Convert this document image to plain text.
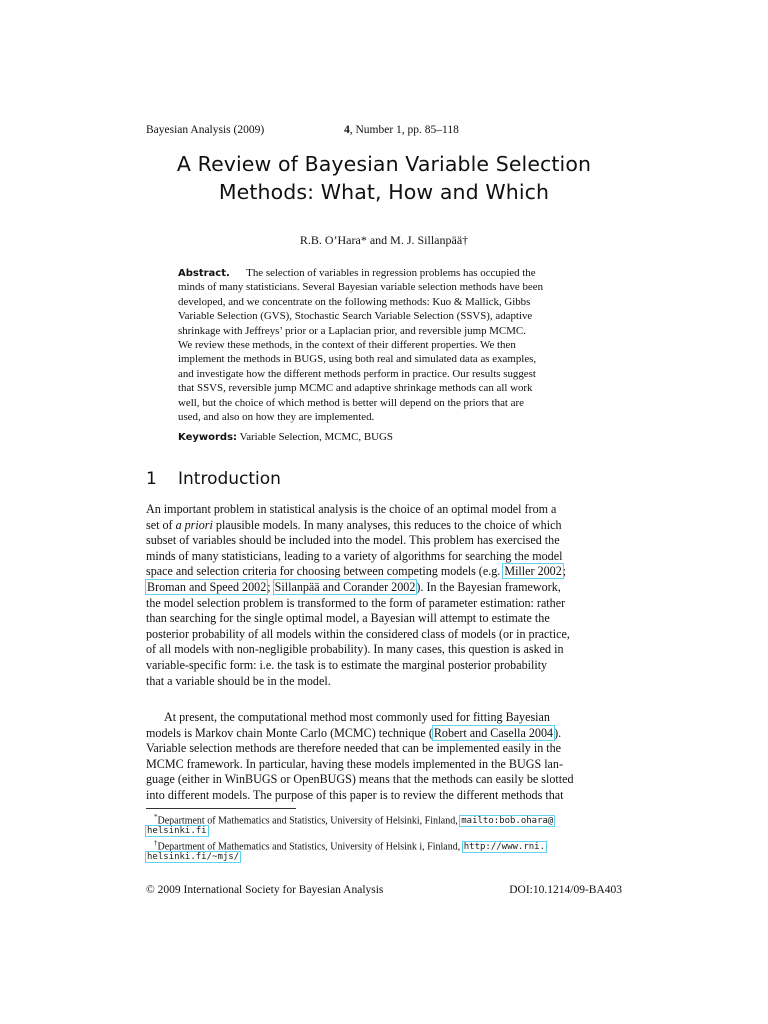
Bayesian Analysis (2009)	4, Number 1, pp. 85–118
A Review of Bayesian Variable Selection
Methods: What, How and Which
R.B. O’Hara* and M. J. Sillanpää†
Abstract. The selection of variables in regression problems has occupied the
minds of many statisticians. Several Bayesian variable selection methods have been
developed, and we concentrate on the following methods: Kuo & Mallick, Gibbs
Variable Selection (GVS), Stochastic Search Variable Selection (SSVS), adaptive
shrinkage with Jeffreys’ prior or a Laplacian prior, and reversible jump MCMC.
We review these methods, in the context of their different properties. We then
implement the methods in BUGS, using both real and simulated data as examples,
and investigate how the different methods perform in practice. Our results suggest
that SSVS, reversible jump MCMC and adaptive shrinkage methods can all work
well, but the choice of which method is better will depend on the priors that are
used, and also on how they are implemented.
Keywords: Variable Selection, MCMC, BUGS
1 Introduction
An important problem in statistical analysis is the choice of an optimal model from a
set of a priori plausible models. In many analyses, this reduces to the choice of which
subset of variables should be included into the model. This problem has exercised the
minds of many statisticians, leading to a variety of algorithms for searching the model
space and selection criteria for choosing between competing models (e.g. Miller 2002;
Broman and Speed 2002; Sillanpää and Corander 2002). In the Bayesian framework,
the model selection problem is transformed to the form of parameter estimation: rather
than searching for the single optimal model, a Bayesian will attempt to estimate the
posterior probability of all models within the considered class of models (or in practice,
of all models with non-negligible probability). In many cases, this question is asked in
variable-specific form: i.e. the task is to estimate the marginal posterior probability
that a variable should be in the model.
At present, the computational method most commonly used for fitting Bayesian
models is Markov chain Monte Carlo (MCMC) technique (Robert and Casella 2004).
Variable selection methods are therefore needed that can be implemented easily in the
MCMC framework. In particular, having these models implemented in the BUGS lan-
guage (either in WinBUGS or OpenBUGS) means that the methods can easily be slotted
into different models. The purpose of this paper is to review the different methods that
*Department of Mathematics and Statistics, University of Helsinki, Finland, mailto:bob.ohara@
helsinki.fi
†Department of Mathematics and Statistics, University of Helsink i, Finland, http://www.rni.
helsinki.fi/~mjs/
© 2009 International Society for Bayesian Analysis	DOI:10.1214/09-BA403
